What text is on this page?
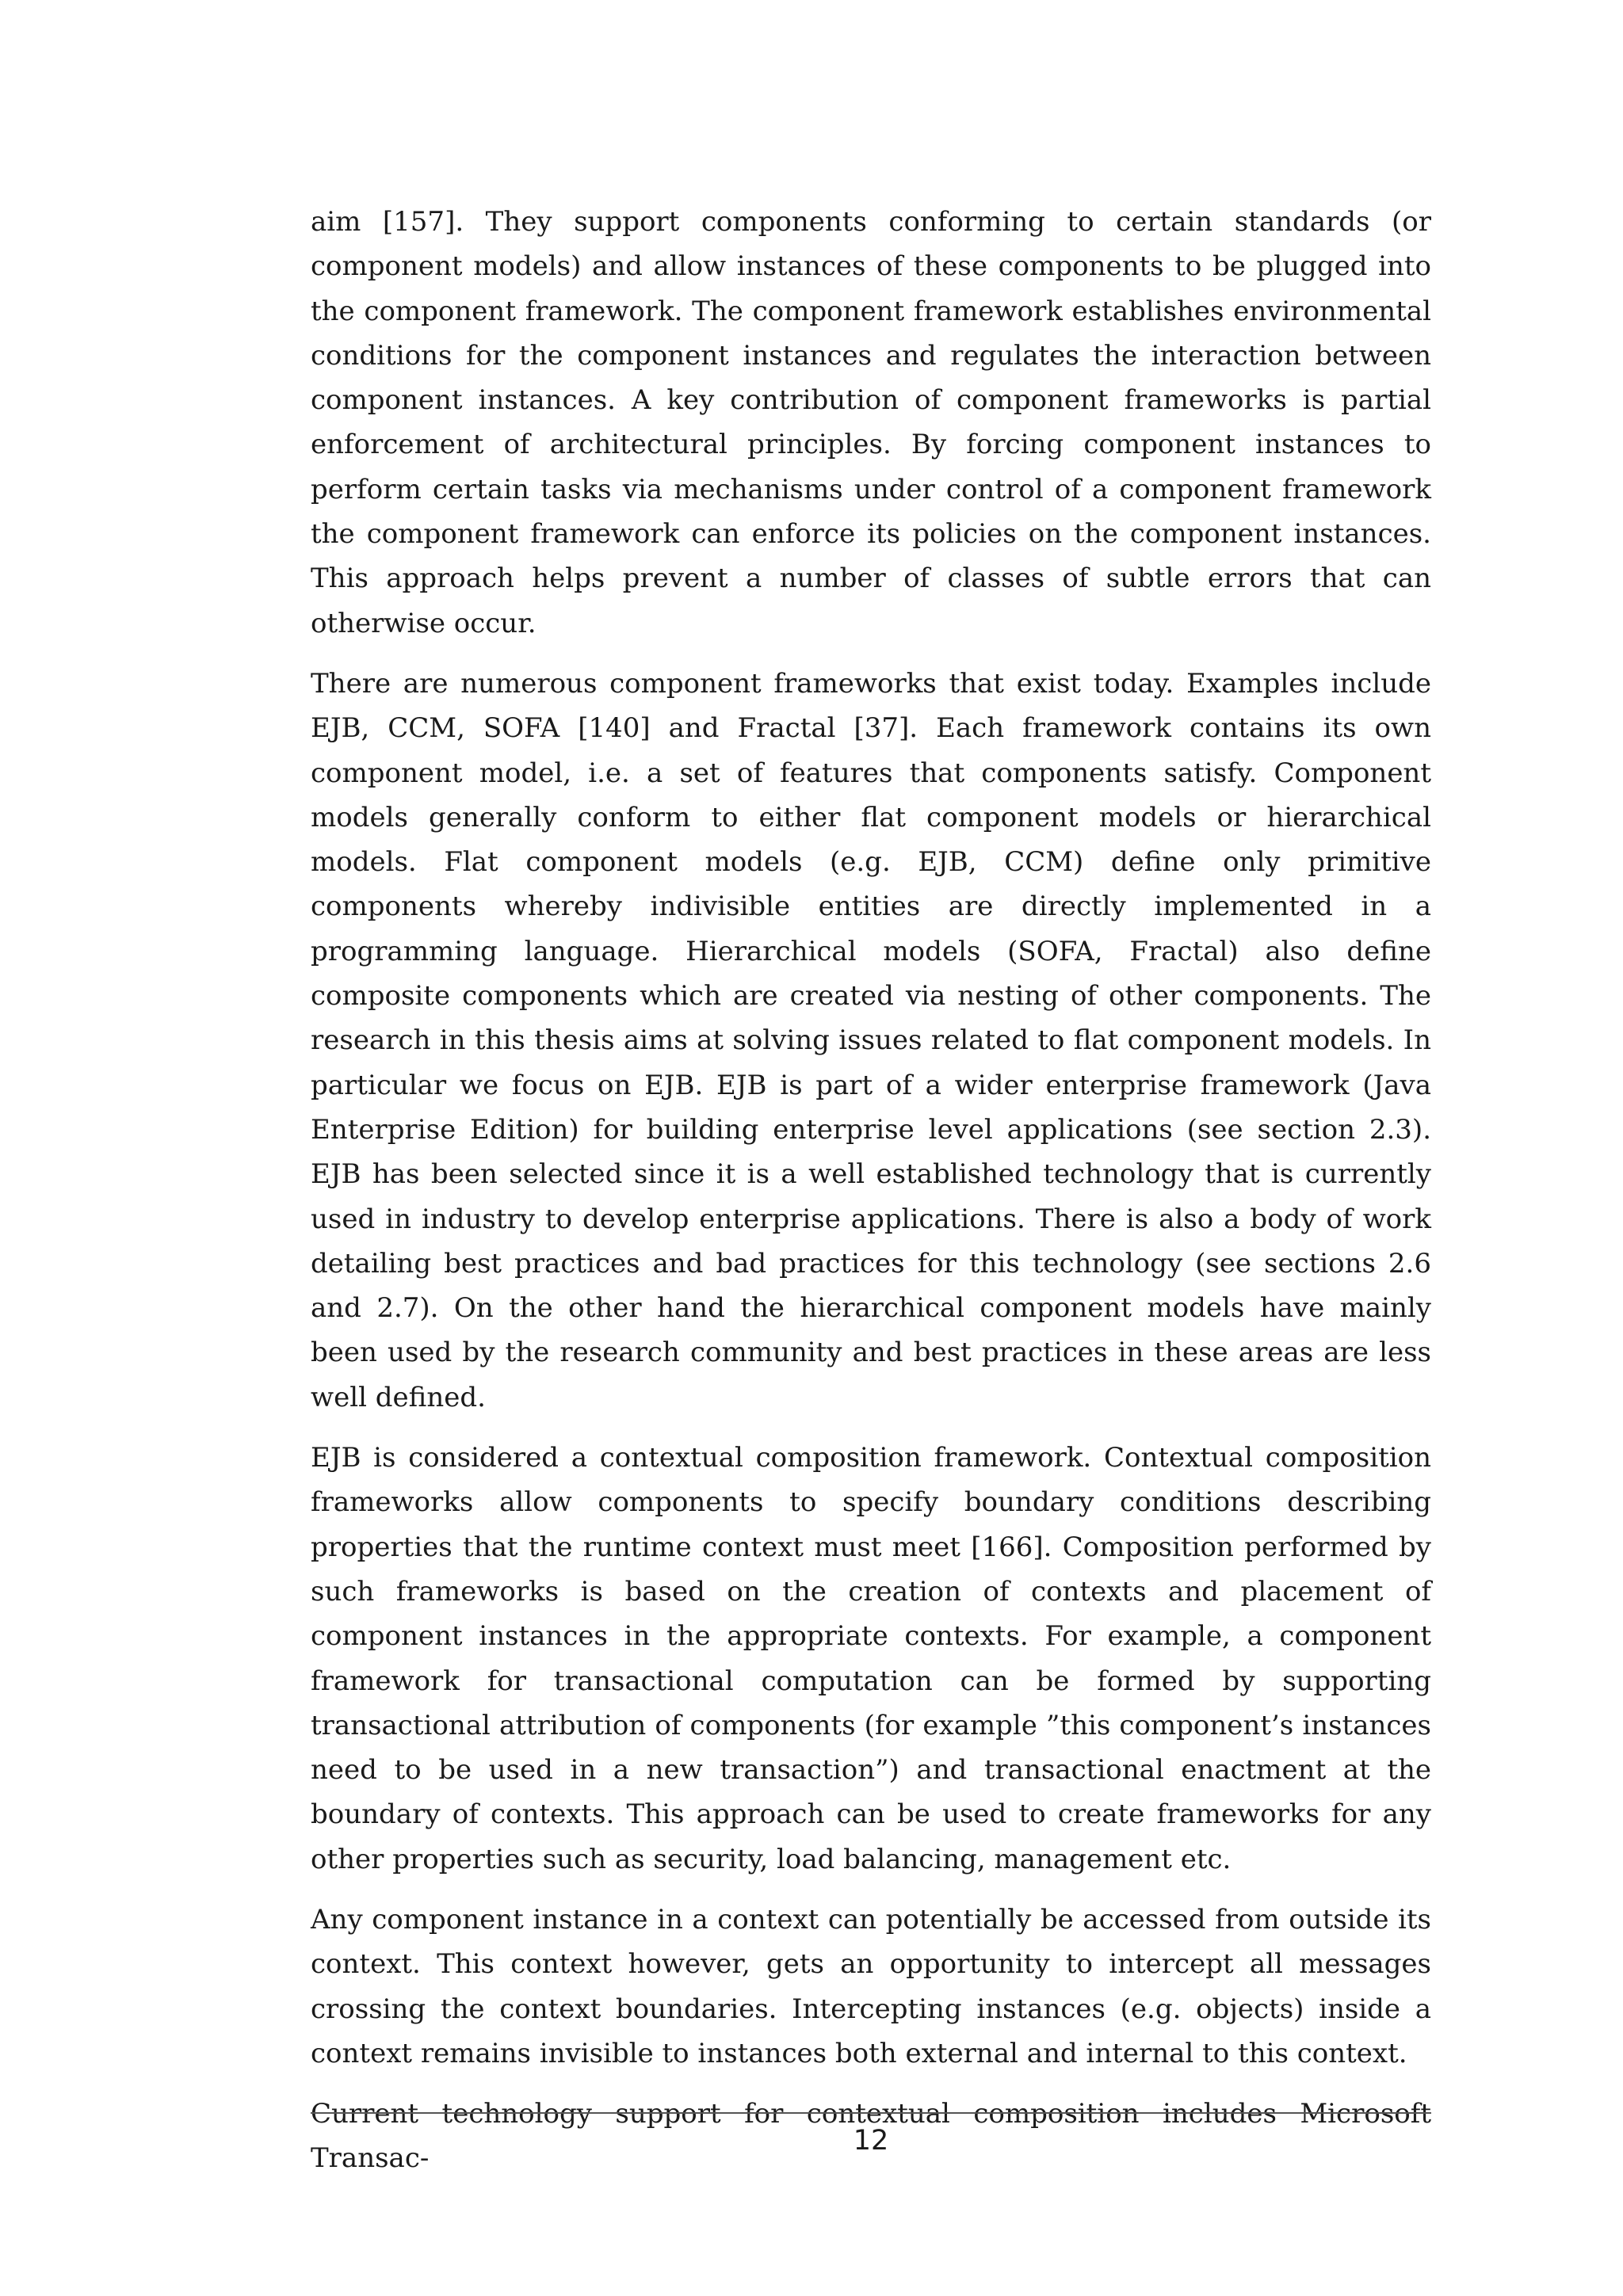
aim [157]. They support components conforming to certain standards (or component models) and allow instances of these components to be plugged into the component framework. The component framework establishes environmental conditions for the component instances and regulates the interaction between component instances. A key contribution of component frameworks is partial enforcement of architectural principles. By forcing component instances to perform certain tasks via mechanisms under control of a component framework the component framework can enforce its policies on the component instances. This approach helps prevent a number of classes of subtle errors that can otherwise occur.

There are numerous component frameworks that exist today. Examples include EJB, CCM, SOFA [140] and Fractal [37]. Each framework contains its own component model, i.e. a set of features that components satisfy. Component models generally conform to either flat component models or hierarchical models. Flat component models (e.g. EJB, CCM) define only primitive components whereby indivisible entities are directly implemented in a programming language. Hierarchical models (SOFA, Fractal) also define composite components which are created via nesting of other components. The research in this thesis aims at solving issues related to flat component models. In particular we focus on EJB. EJB is part of a wider enterprise framework (Java Enterprise Edition) for building enterprise level applications (see section 2.3). EJB has been selected since it is a well established technology that is currently used in industry to develop enterprise applications. There is also a body of work detailing best practices and bad practices for this technology (see sections 2.6 and 2.7). On the other hand the hierarchical component models have mainly been used by the research community and best practices in these areas are less well defined.

EJB is considered a contextual composition framework. Contextual composition frameworks allow components to specify boundary conditions describing properties that the runtime context must meet [166]. Composition performed by such frameworks is based on the creation of contexts and placement of component instances in the appropriate contexts. For example, a component framework for transactional computation can be formed by supporting transactional attribution of components (for example ”this component’s instances need to be used in a new transaction”) and transactional enactment at the boundary of contexts. This approach can be used to create frameworks for any other properties such as security, load balancing, management etc.

Any component instance in a context can potentially be accessed from outside its context. This context however, gets an opportunity to intercept all messages crossing the context boundaries. Intercepting instances (e.g. objects) inside a context remains invisible to instances both external and internal to this context.

Current technology support for contextual composition includes Microsoft Transac-

12
